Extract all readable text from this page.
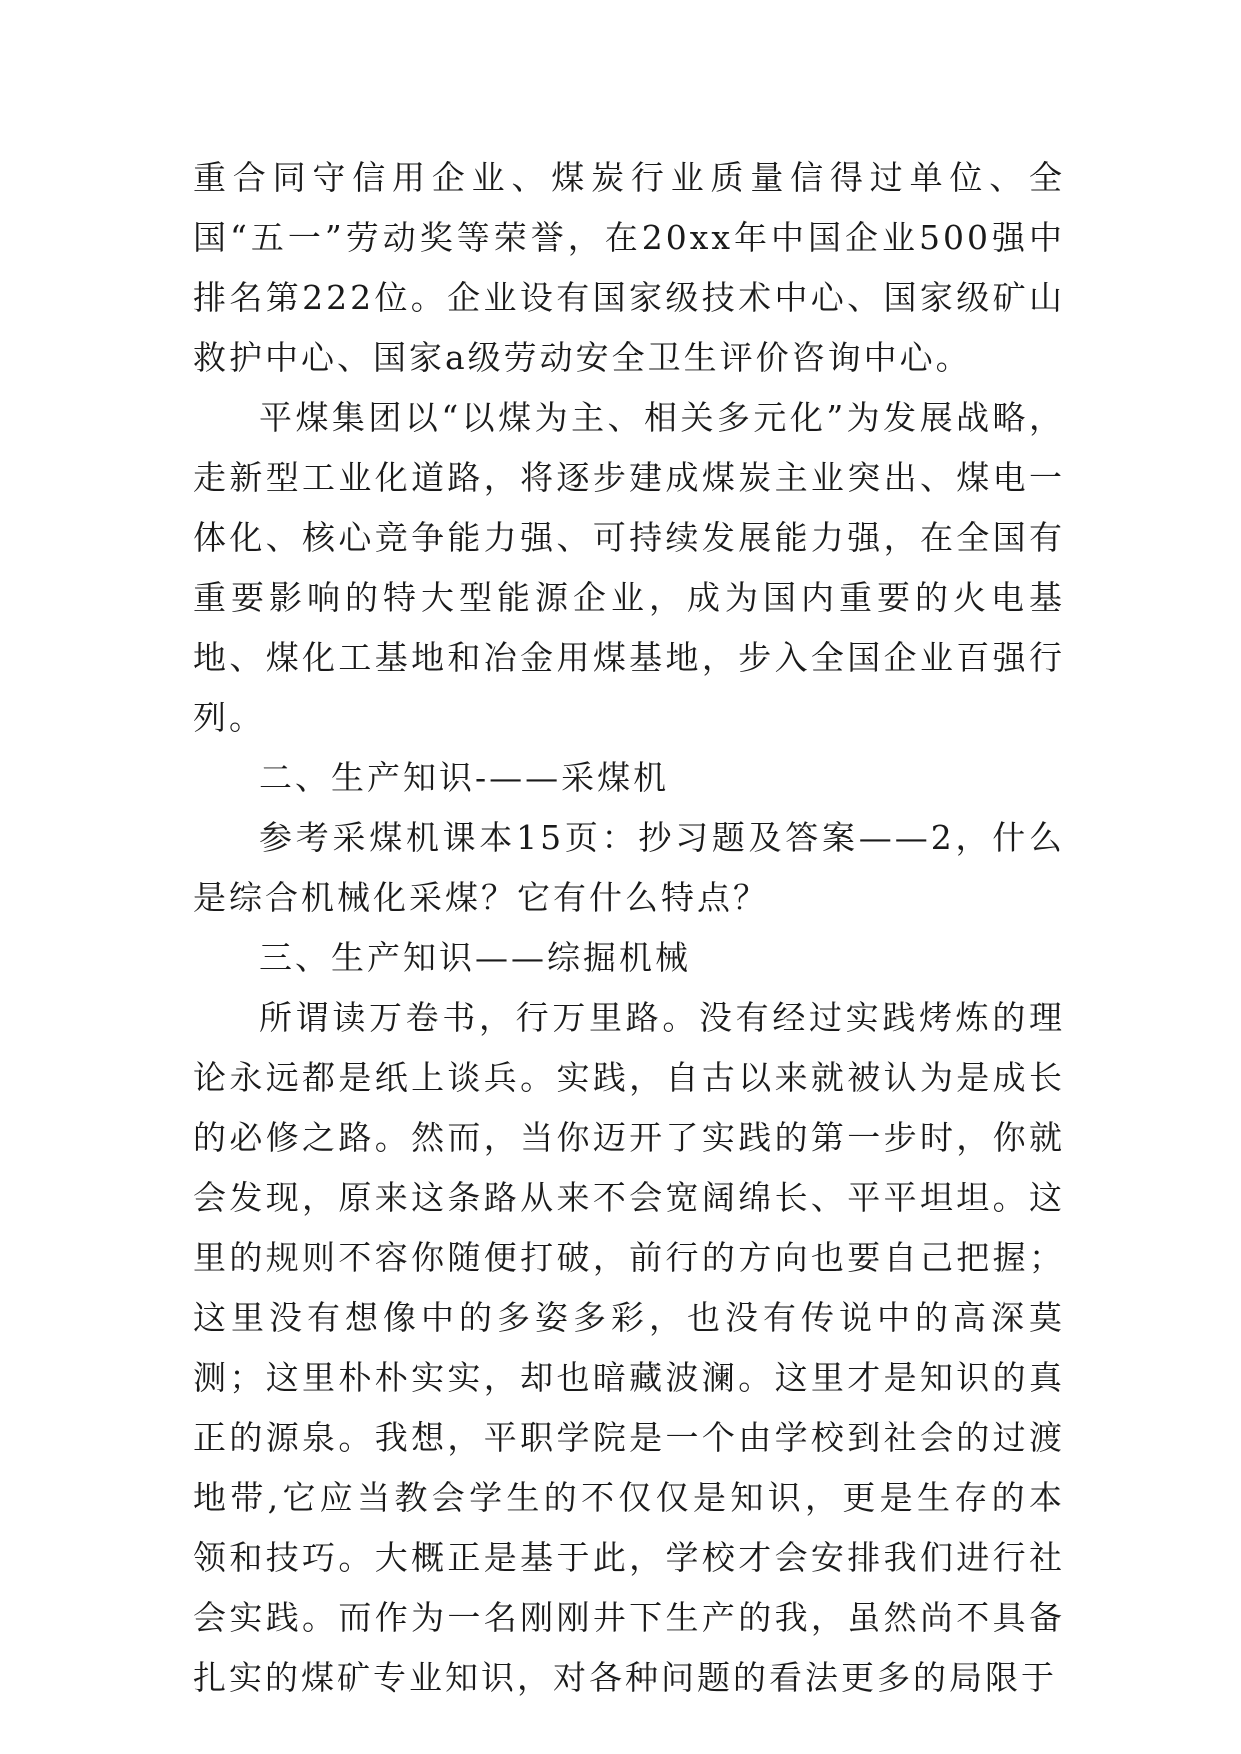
重合同守信用企业、煤炭行业质量信得过单位、全国“五一”劳动奖等荣誉，在20xx年中国企业500强中排名第222位。企业设有国家级技术中心、国家级矿山救护中心、国家a级劳动安全卫生评价咨询中心。

平煤集团以“以煤为主、相关多元化”为发展战略，走新型工业化道路，将逐步建成煤炭主业突出、煤电一体化、核心竞争能力强、可持续发展能力强，在全国有重要影响的特大型能源企业，成为国内重要的火电基地、煤化工基地和冶金用煤基地，步入全国企业百强行列。

二、生产知识-——采煤机

参考采煤机课本15页：抄习题及答案——2，什么是综合机械化采煤？它有什么特点？

三、生产知识——综掘机械

所谓读万卷书，行万里路。没有经过实践烤炼的理论永远都是纸上谈兵。实践，自古以来就被认为是成长的必修之路。然而，当你迈开了实践的第一步时，你就会发现，原来这条路从来不会宽阔绵长、平平坦坦。这里的规则不容你随便打破，前行的方向也要自己把握；这里没有想像中的多姿多彩，也没有传说中的高深莫测；这里朴朴实实，却也暗藏波澜。这里才是知识的真正的源泉。我想，平职学院是一个由学校到社会的过渡地带,它应当教会学生的不仅仅是知识，更是生存的本领和技巧。大概正是基于此，学校才会安排我们进行社会实践。而作为一名刚刚井下生产的我，虽然尚不具备扎实的煤矿专业知识，对各种问题的看法更多的局限于
